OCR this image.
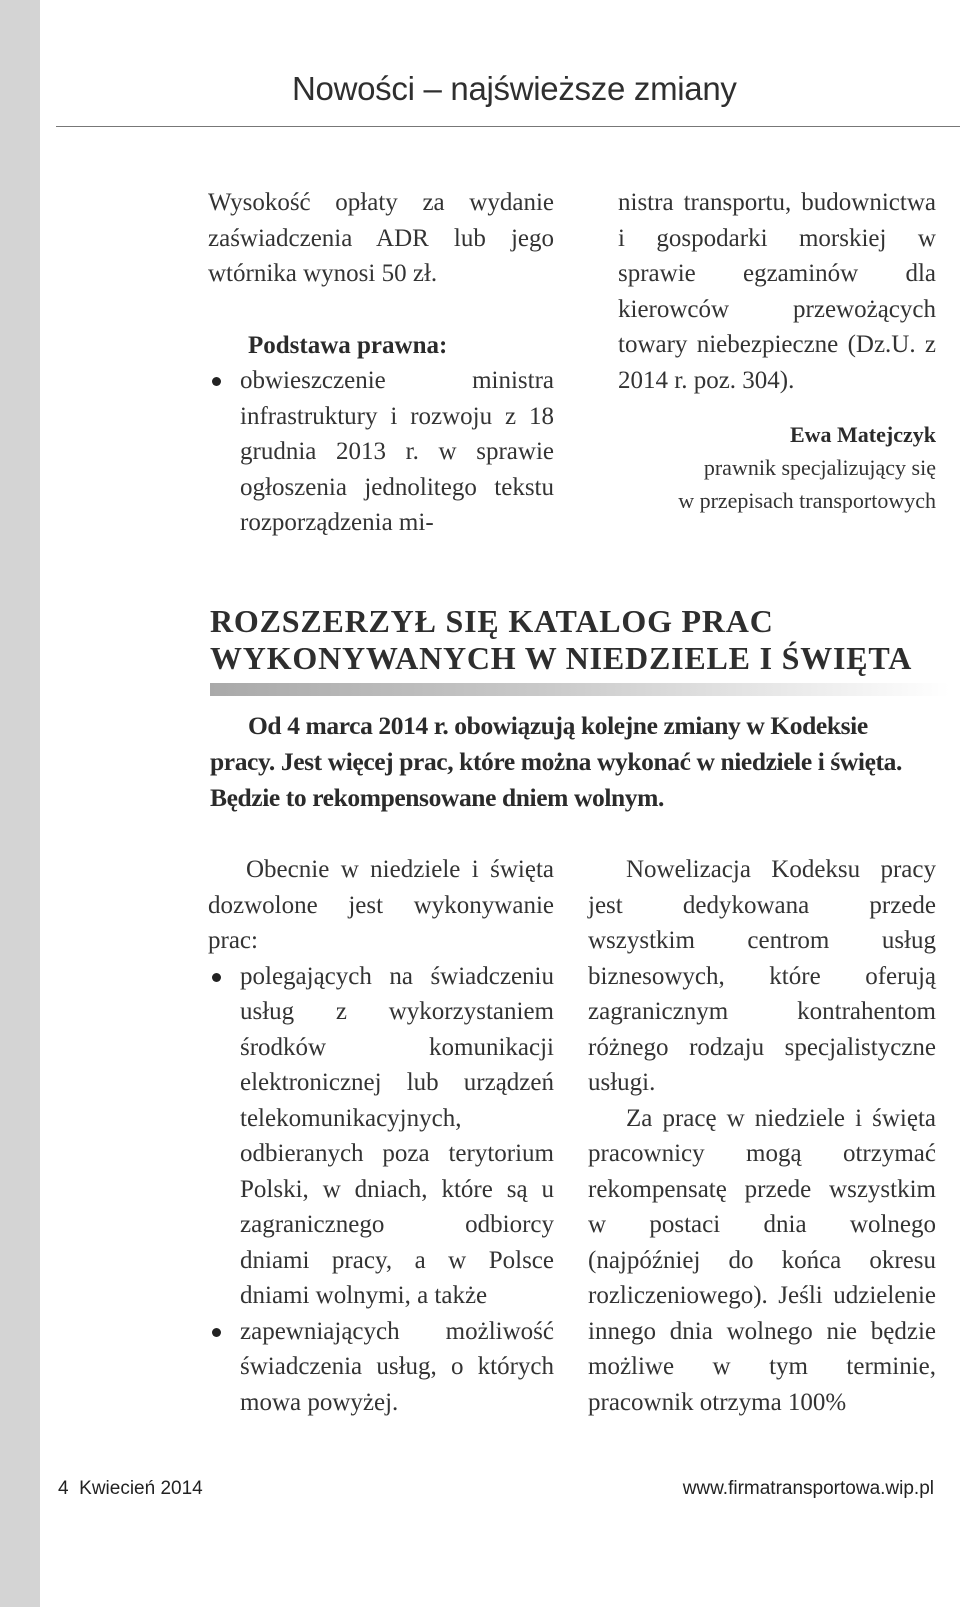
Nowości – najświeższe zmiany

Wysokość opłaty za wydanie zaświadczenia ADR lub jego wtórnika wynosi 50 zł.

Podstawa prawna:

obwieszczenie ministra infrastruktury i rozwoju z 18 grudnia 2013 r. w sprawie ogłoszenia jednolitego tekstu rozporządzenia mi-

nistra transportu, budownictwa i gospodarki morskiej w sprawie egzaminów dla kierowców przewożących towary niebezpieczne (Dz.U. z 2014 r. poz. 304).

Ewa Matejczyk
prawnik specjalizujący się
w przepisach transportowych
ROZSZERZYŁ SIĘ KATALOG PRAC
WYKONYWANYCH W NIEDZIELE I ŚWIĘTA

Od 4 marca 2014 r. obowiązują kolejne zmiany w Kodeksie
pracy. Jest więcej prac, które można wykonać w niedziele i święta.
Będzie to rekompensowane dniem wolnym.

Obecnie w niedziele i święta dozwolone jest wykonywanie prac:

polegających na świadczeniu usług z wykorzystaniem środków komunikacji elektronicznej lub urządzeń telekomunikacyjnych, odbieranych poza terytorium Polski, w dniach, które są u zagranicznego odbiorcy dniami pracy, a w Polsce dniami wolnymi, a także
zapewniających możliwość świadczenia usług, o których mowa powyżej.

Nowelizacja Kodeksu pracy jest dedykowana przede wszystkim centrom usług biznesowych, które oferują zagranicznym kontrahentom różnego rodzaju specjalistyczne usługi.

Za pracę w niedziele i święta pracownicy mogą otrzymać rekompensatę przede wszystkim w postaci dnia wolnego (najpóźniej do końca okresu rozliczeniowego). Jeśli udzielenie innego dnia wolnego nie będzie możliwe w tym terminie, pracownik otrzyma 100%

4 Kwiecień 2014	www.firmatransportowa.wip.pl
